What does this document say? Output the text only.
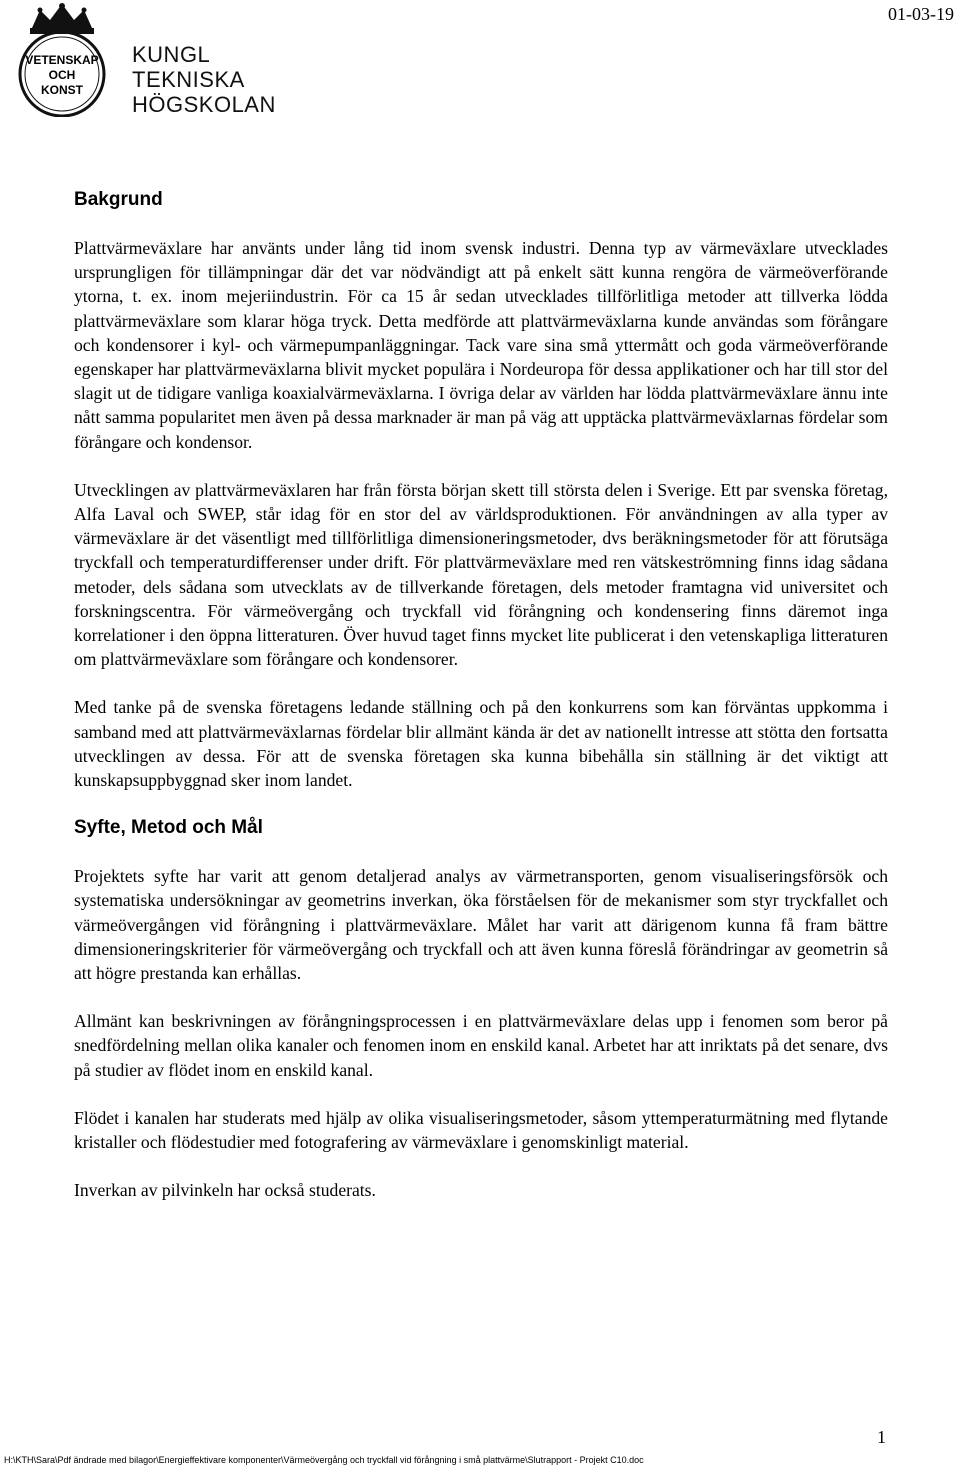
VETENSKAP
OCH
KONST
KUNGL
TEKNISKA
HÖGSKOLAN
01-03-19
Bakgrund

Plattvärmeväxlare har använts under lång tid inom svensk industri. Denna typ av värmeväxlare utvecklades ursprungligen för tillämpningar där det var nödvändigt att på enkelt sätt kunna rengöra de värmeöverförande ytorna, t. ex. inom mejeriindustrin. För ca 15 år sedan utvecklades tillförlitliga metoder att tillverka lödda plattvärmeväxlare som klarar höga tryck. Detta medförde att plattvärmeväxlarna kunde användas som förångare och kondensorer i kyl- och värmepumpanläggningar. Tack vare sina små yttermått och goda värmeöverförande egenskaper har plattvärmeväxlarna blivit mycket populära i Nordeuropa för dessa applikationer och har till stor del slagit ut de tidigare vanliga koaxialvärmeväxlarna. I övriga delar av världen har lödda plattvärmeväxlare ännu inte nått samma popularitet men även på dessa marknader är man på väg att upptäcka plattvärmeväxlarnas fördelar som förångare och kondensor.

Utvecklingen av plattvärmeväxlaren har från första början skett till största delen i Sverige. Ett par svenska företag, Alfa Laval och SWEP, står idag för en stor del av världsproduktionen. För användningen av alla typer av värmeväxlare är det väsentligt med tillförlitliga dimensioneringsmetoder, dvs beräkningsmetoder för att förutsäga tryckfall och temperaturdifferenser under drift. För plattvärmeväxlare med ren vätskeströmning finns idag sådana metoder, dels sådana som utvecklats av de tillverkande företagen, dels metoder framtagna vid universitet och forskningscentra. För värmeövergång och tryckfall vid förångning och kondensering finns däremot inga korrelationer i den öppna litteraturen. Över huvud taget finns mycket lite publicerat i den vetenskapliga litteraturen om plattvärmeväxlare som förångare och kondensorer.

Med tanke på de svenska företagens ledande ställning och på den konkurrens som kan förväntas uppkomma i samband med att plattvärmeväxlarnas fördelar blir allmänt kända är det av nationellt intresse att stötta den fortsatta utvecklingen av dessa. För att de svenska företagen ska kunna bibehålla sin ställning är det viktigt att kunskapsuppbyggnad sker inom landet.

Syfte, Metod och Mål

Projektets syfte har varit att genom detaljerad analys av värmetransporten, genom visualiseringsförsök och systematiska undersökningar av geometrins inverkan, öka förståelsen för de mekanismer som styr tryckfallet och värmeövergången vid förångning i plattvärmeväxlare. Målet har varit att därigenom kunna få fram bättre dimensioneringskriterier för värmeövergång och tryckfall och att även kunna föreslå förändringar av geometrin så att högre prestanda kan erhållas.

Allmänt kan beskrivningen av förångningsprocessen i en plattvärmeväxlare delas upp i fenomen som beror på snedfördelning mellan olika kanaler och fenomen inom en enskild kanal. Arbetet har att inriktats på det senare, dvs på studier av flödet inom en enskild kanal.

Flödet i kanalen har studerats med hjälp av olika visualiseringsmetoder, såsom yttemperaturmätning med flytande kristaller och flödestudier med fotografering av värmeväxlare i genomskinligt material.

Inverkan av pilvinkeln har också studerats.

1
H:\KTH\Sara\Pdf ändrade med bilagor\Energieffektivare komponenter\Värmeövergång och tryckfall vid förångning i små plattvärme\Slutrapport - Projekt C10.doc
